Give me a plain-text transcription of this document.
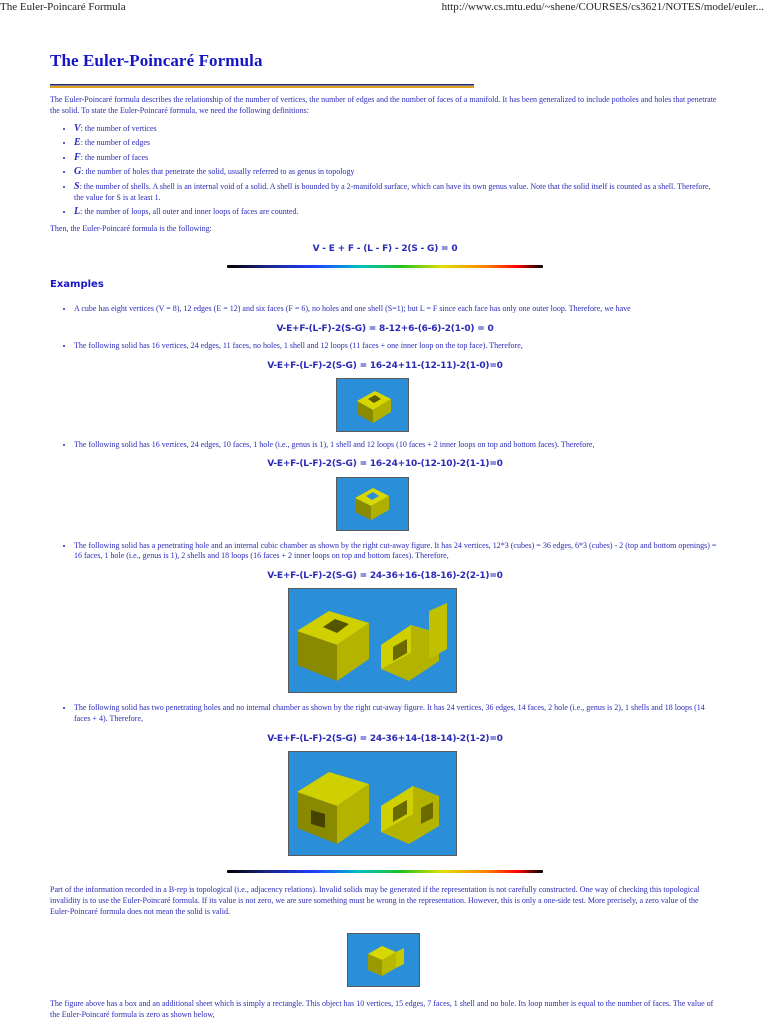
The Euler-Poincaré Formula	http://www.cs.mtu.edu/~shene/COURSES/cs3621/NOTES/model/euler...
The Euler-Poincaré Formula
The Euler-Poincaré formula describes the relationship of the number of vertices, the number of edges and the number of faces of a manifold. It has been generalized to include potholes and holes that penetrate the solid. To state the Euler-Poincaré formula, we need the following definitions:
• V: the number of vertices
• E: the number of edges
• F: the number of faces
• G: the number of holes that penetrate the solid, usually referred to as genus in topology
• S: the number of shells. A shell is an internal void of a solid. A shell is bounded by a 2-manifold surface, which can have its own genus value. Note that the solid itself is counted as a shell. Therefore, the value for S is at least 1.
• L: the number of loops, all outer and inner loops of faces are counted.
Then, the Euler-Poincaré formula is the following:
V - E + F - (L - F) - 2(S - G) = 0
Examples
• A cube has eight vertices (V = 8), 12 edges (E = 12) and six faces (F = 6), no holes and one shell (S=1); but L = F since each face has only one outer loop. Therefore, we have
V-E+F-(L-F)-2(S-G) = 8-12+6-(6-6)-2(1-0) = 0
• The following solid has 16 vertices, 24 edges, 11 faces, no holes, 1 shell and 12 loops (11 faces + one inner loop on the top face). Therefore,
V-E+F-(L-F)-2(S-G) = 16-24+11-(12-11)-2(1-0)=0
• The following solid has 16 vertices, 24 edges, 10 faces, 1 hole (i.e., genus is 1), 1 shell and 12 loops (10 faces + 2 inner loops on top and bottom faces). Therefore,
V-E+F-(L-F)-2(S-G) = 16-24+10-(12-10)-2(1-1)=0
• The following solid has a penetrating hole and an internal cubic chamber as shown by the right cut-away figure. It has 24 vertices, 12*3 (cubes) = 36 edges, 6*3 (cubes) - 2 (top and bottom openings) = 16 faces, 1 hole (i.e., genus is 1), 2 shells and 18 loops (16 faces + 2 inner loops on top and bottom faces). Therefore,
V-E+F-(L-F)-2(S-G) = 24-36+16-(18-16)-2(2-1)=0
• The following solid has two penetrating holes and no internal chamber as shown by the right cut-away figure. It has 24 vertices, 36 edges, 14 faces, 2 hole (i.e., genus is 2), 1 shells and 18 loops (14 faces + 4). Therefore,
V-E+F-(L-F)-2(S-G) = 24-36+14-(18-14)-2(1-2)=0
Part of the information recorded in a B-rep is topological (i.e., adjacency relations). Invalid solids may be generated if the representation is not carefully constructed. One way of checking this topological invalidity is to use the Euler-Poincaré formula. If its value is not zero, we are sure something must be wrong in the representation. However, this is only a one-side test. More precisely, a zero value of the Euler-Poincaré formula does not mean the solid is valid.
The figure above has a box and an additional sheet which is simply a rectangle. This object has 10 vertices, 15 edges, 7 faces, 1 shell and no hole. Its loop number is equal to the number of faces. The value of the Euler-Poincaré formula is zero as shown below,
